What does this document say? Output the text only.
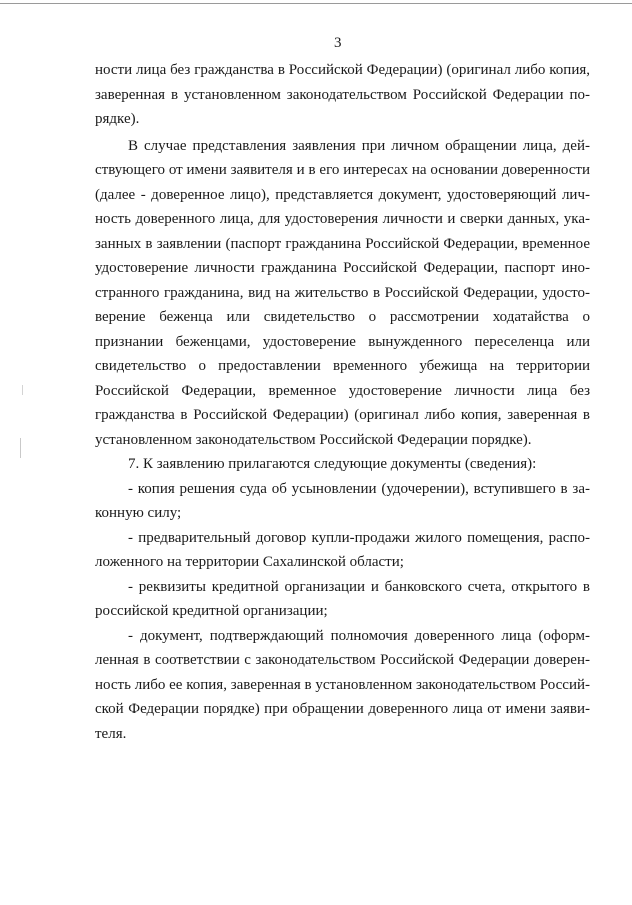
3

ности лица без гражданства в Российской Федерации) (оригинал либо копия, заверенная в установленном законодательством Российской Федерации порядке).

В случае представления заявления при личном обращении лица, действующего от имени заявителя и в его интересах на основании доверенности (далее - доверенное лицо), представляется документ, удостоверяющий личность доверенного лица, для удостоверения личности и сверки данных, указанных в заявлении (паспорт гражданина Российской Федерации, временное удостоверение личности гражданина Российской Федерации, паспорт иностранного гражданина, вид на жительство в Российской Федерации, удостоверение беженца или свидетельство о рассмотрении ходатайства о признании беженцами, удостоверение вынужденного переселенца или свидетельство о предоставлении временного убежища на территории Российской Федерации, временное удостоверение личности лица без гражданства в Российской Федерации) (оригинал либо копия, заверенная в установленном законодательством Российской Федерации порядке).

7. К заявлению прилагаются следующие документы (сведения):

- копия решения суда об усыновлении (удочерении), вступившего в законную силу;

- предварительный договор купли-продажи жилого помещения, расположенного на территории Сахалинской области;

- реквизиты кредитной организации и банковского счета, открытого в российской кредитной организации;

- документ, подтверждающий полномочия доверенного лица (оформленная в соответствии с законодательством Российской Федерации доверенность либо ее копия, заверенная в установленном законодательством Российской Федерации порядке) при обращении доверенного лица от имени заявителя.
